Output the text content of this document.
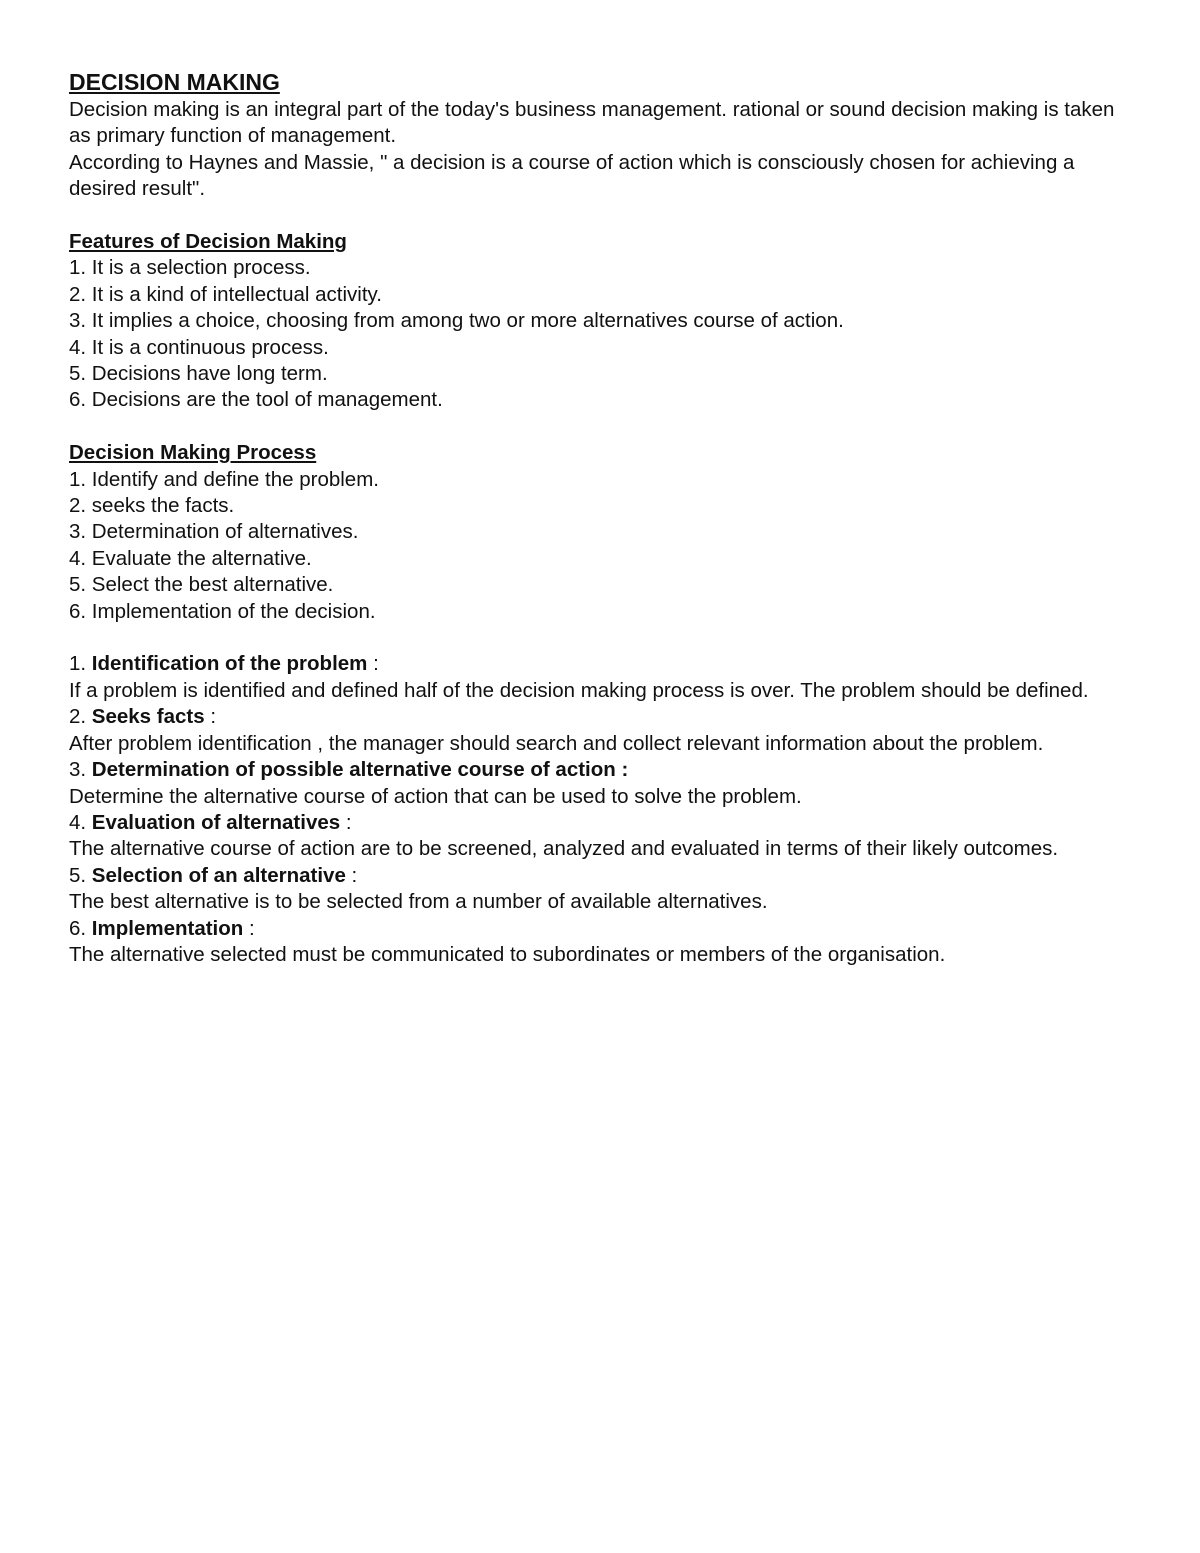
DECISION MAKING

Decision making is an integral part of the today's business management. rational or sound decision making is taken as primary function of management.

According to Haynes and Massie, " a decision is a course of action which is consciously chosen for achieving a desired result".

Features of Decision Making

1. It is a selection process.
2. It is a kind of intellectual activity.
3. It implies a choice, choosing from among two or more alternatives course of action.
4. It is a continuous process.
5. Decisions have long term.
6. Decisions are the tool of management.

Decision Making Process

1. Identify and define the problem.
2. seeks the facts.
3. Determination of alternatives.
4. Evaluate the alternative.
5. Select the best alternative.
6. Implementation of the decision.

1. Identification of the problem :

If a problem is identified and defined half of the decision making process is over. The problem should be defined.

2. Seeks facts :

After problem identification , the manager should search and collect relevant information about the problem.

3. Determination of possible alternative course of action :

Determine the alternative course of action that can be used to solve the problem.

4. Evaluation of alternatives :

The alternative course of action are to be screened, analyzed and evaluated in terms of their likely outcomes.

5. Selection of an alternative :

The best alternative is to be selected from a number of available alternatives.

6. Implementation :

The alternative selected must be communicated to subordinates or members of the organisation.
